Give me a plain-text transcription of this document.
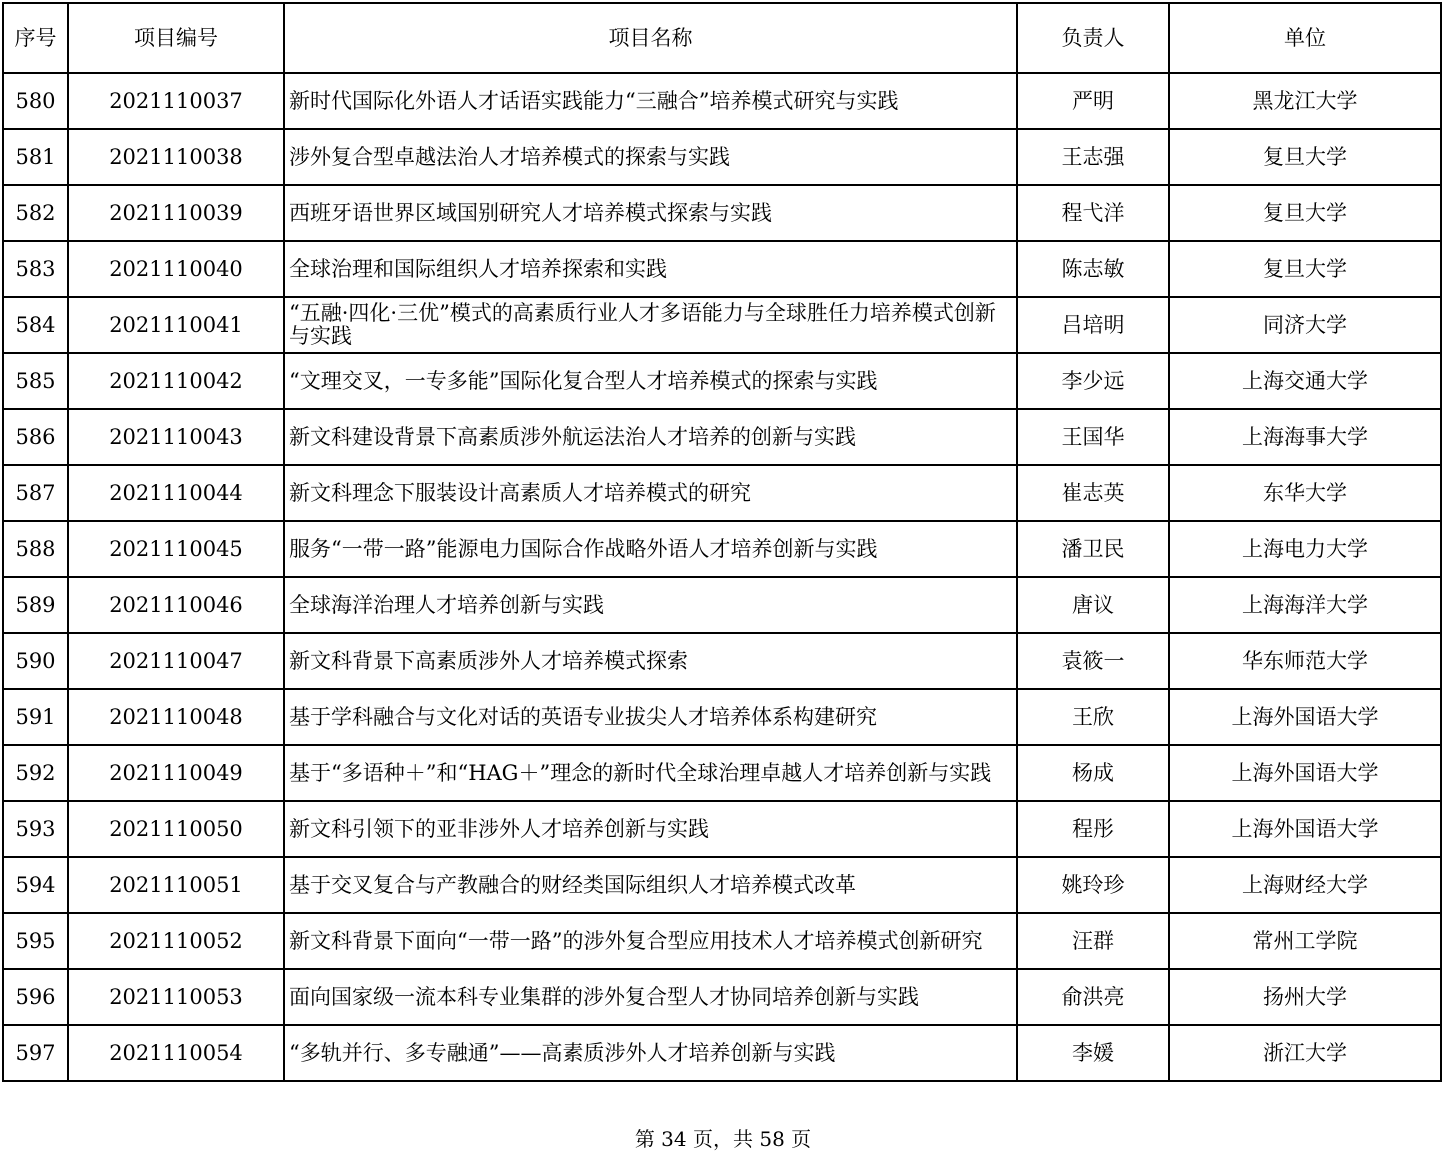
序号	项目编号	项目名称	负责人	单位
580	2021110037	新时代国际化外语人才话语实践能力“三融合”培养模式研究与实践	严明	黑龙江大学
581	2021110038	涉外复合型卓越法治人才培养模式的探索与实践	王志强	复旦大学
582	2021110039	西班牙语世界区域国别研究人才培养模式探索与实践	程弋洋	复旦大学
583	2021110040	全球治理和国际组织人才培养探索和实践	陈志敏	复旦大学
584	2021110041	“五融·四化·三优”模式的高素质行业人才多语能力与全球胜任力培养模式创新与实践	吕培明	同济大学
585	2021110042	“文理交叉，一专多能”国际化复合型人才培养模式的探索与实践	李少远	上海交通大学
586	2021110043	新文科建设背景下高素质涉外航运法治人才培养的创新与实践	王国华	上海海事大学
587	2021110044	新文科理念下服装设计高素质人才培养模式的研究	崔志英	东华大学
588	2021110045	服务“一带一路”能源电力国际合作战略外语人才培养创新与实践	潘卫民	上海电力大学
589	2021110046	全球海洋治理人才培养创新与实践	唐议	上海海洋大学
590	2021110047	新文科背景下高素质涉外人才培养模式探索	袁筱一	华东师范大学
591	2021110048	基于学科融合与文化对话的英语专业拔尖人才培养体系构建研究	王欣	上海外国语大学
592	2021110049	基于“多语种＋”和“HAG＋”理念的新时代全球治理卓越人才培养创新与实践	杨成	上海外国语大学
593	2021110050	新文科引领下的亚非涉外人才培养创新与实践	程彤	上海外国语大学
594	2021110051	基于交叉复合与产教融合的财经类国际组织人才培养模式改革	姚玲珍	上海财经大学
595	2021110052	新文科背景下面向“一带一路”的涉外复合型应用技术人才培养模式创新研究	汪群	常州工学院
596	2021110053	面向国家级一流本科专业集群的涉外复合型人才协同培养创新与实践	俞洪亮	扬州大学
597	2021110054	“多轨并行、多专融通”——高素质涉外人才培养创新与实践	李媛	浙江大学
第 34 页，共 58 页
